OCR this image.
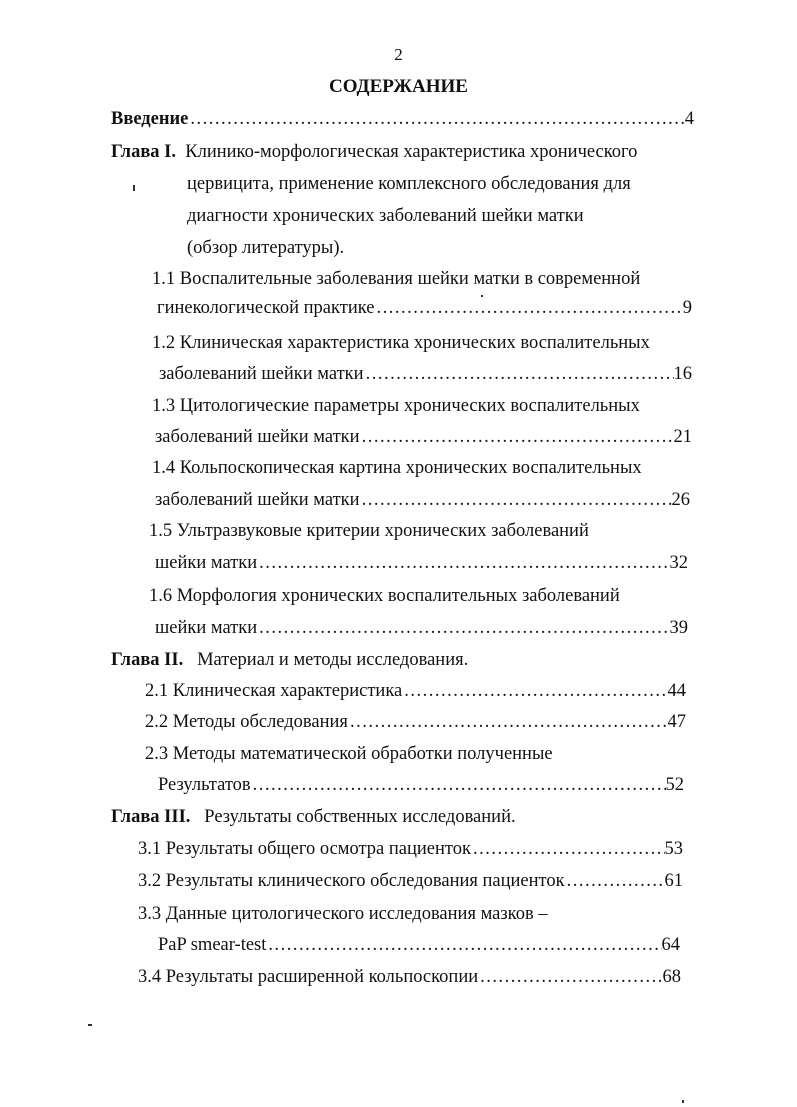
2
СОДЕРЖАНИЕ
Введение .....	4
Глава I. Клинико-морфологическая характеристика хронического
цервицита, применение комплексного обследования для
диагности хронических заболеваний шейки матки
(обзор литературы).
1.1 Воспалительные заболевания шейки матки в современной
гинекологической практике .....	9
1.2 Клиническая характеристика хронических воспалительных
заболеваний шейки матки .....	16
1.3 Цитологические параметры хронических воспалительных
заболеваний шейки матки .....	21
1.4 Кольпоскопическая картина хронических воспалительных
заболеваний шейки матки .....	26
1.5 Ультразвуковые критерии хронических заболеваний
шейки матки .....	32
1.6 Морфология хронических воспалительных заболеваний
шейки матки .....	39
Глава II. Материал и методы исследования.
2.1 Клиническая характеристика .....	44
2.2 Методы обследования .....	47
2.3 Методы математической обработки полученные
Результатов .....	52
Глава III. Результаты собственных исследований.
3.1 Результаты общего осмотра пациенток .....	53
3.2 Результаты клинического обследования пациенток .....	61
3.3 Данные цитологического исследования мазков –
PaP smear-test .....	64
3.4 Результаты расширенной кольпоскопии .....	68
